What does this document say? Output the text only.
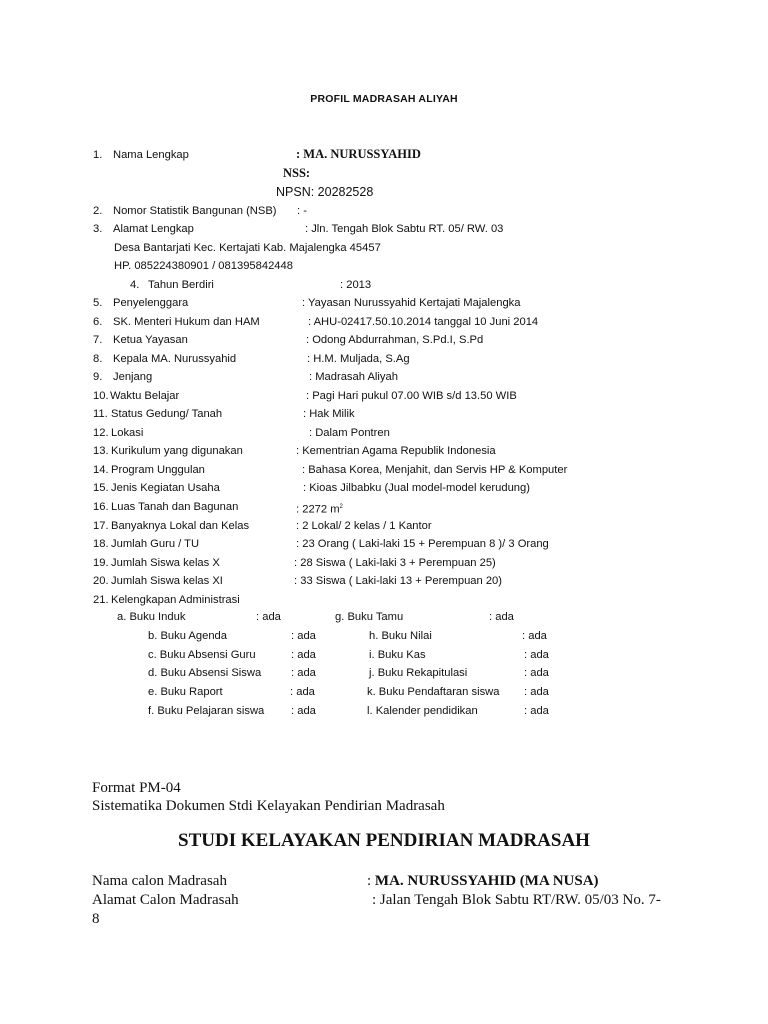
PROFIL MADRASAH ALIYAH
1. Nama Lengkap	: MA. NURUSSYAHID
NSS:
NPSN: 20282528
2. Nomor Statistik Bangunan (NSB) : -
3. Alamat Lengkap	: Jln. Tengah Blok Sabtu RT. 05/ RW. 03
Desa Bantarjati Kec. Kertajati Kab. Majalengka 45457
HP. 085224380901 / 081395842448
4. Tahun Berdiri	: 2013
5. Penyelenggara	: Yayasan Nurussyahid Kertajati Majalengka
6. SK. Menteri Hukum dan HAM	: AHU-02417.50.10.2014 tanggal 10 Juni 2014
7. Ketua Yayasan	: Odong Abdurrahman, S.Pd.I, S.Pd
8. Kepala MA. Nurussyahid	: H.M. Muljada, S.Ag
9. Jenjang	: Madrasah Aliyah
10. Waktu Belajar	: Pagi Hari pukul 07.00 WIB s/d 13.50 WIB
11. Status Gedung/ Tanah	: Hak Milik
12. Lokasi	: Dalam Pontren
13. Kurikulum yang digunakan	: Kementrian Agama Republik Indonesia
14. Program Unggulan	: Bahasa Korea, Menjahit, dan Servis HP & Komputer
15. Jenis Kegiatan Usaha	: Kioas Jilbabku (Jual model-model kerudung)
16. Luas Tanah dan Bagunan	: 2272 $m^2$
17. Banyaknya Lokal dan Kelas	: 2 Lokal/ 2 kelas / 1 Kantor
18. Jumlah Guru / TU	: 23 Orang ( Laki-laki 15 + Perempuan 8 )/ 3 Orang
19. Jumlah Siswa kelas X	: 28 Siswa ( Laki-laki 3 + Perempuan 25)
20. Jumlah Siswa kelas XI	: 33 Siswa ( Laki-laki 13 + Perempuan 20)
21. Kelengkapan Administrasi
a. Buku Induk	: ada	g. Buku Tamu	: ada
b. Buku Agenda	: ada	h. Buku Nilai	: ada
c. Buku Absensi Guru	: ada	i. Buku Kas	: ada
d. Buku Absensi Siswa	: ada	j. Buku Rekapitulasi	: ada
e. Buku Raport	: ada	k. Buku Pendaftaran siswa : ada
f. Buku Pelajaran siswa : ada	l. Kalender pendidikan	: ada
Format PM-04
Sistematika Dokumen Stdi Kelayakan Pendirian Madrasah
STUDI KELAYAKAN PENDIRIAN MADRASAH
Nama calon Madrasah	: MA. NURUSSYAHID (MA NUSA)
Alamat Calon Madrasah	: Jalan Tengah Blok Sabtu RT/RW. 05/03 No. 7-
8
